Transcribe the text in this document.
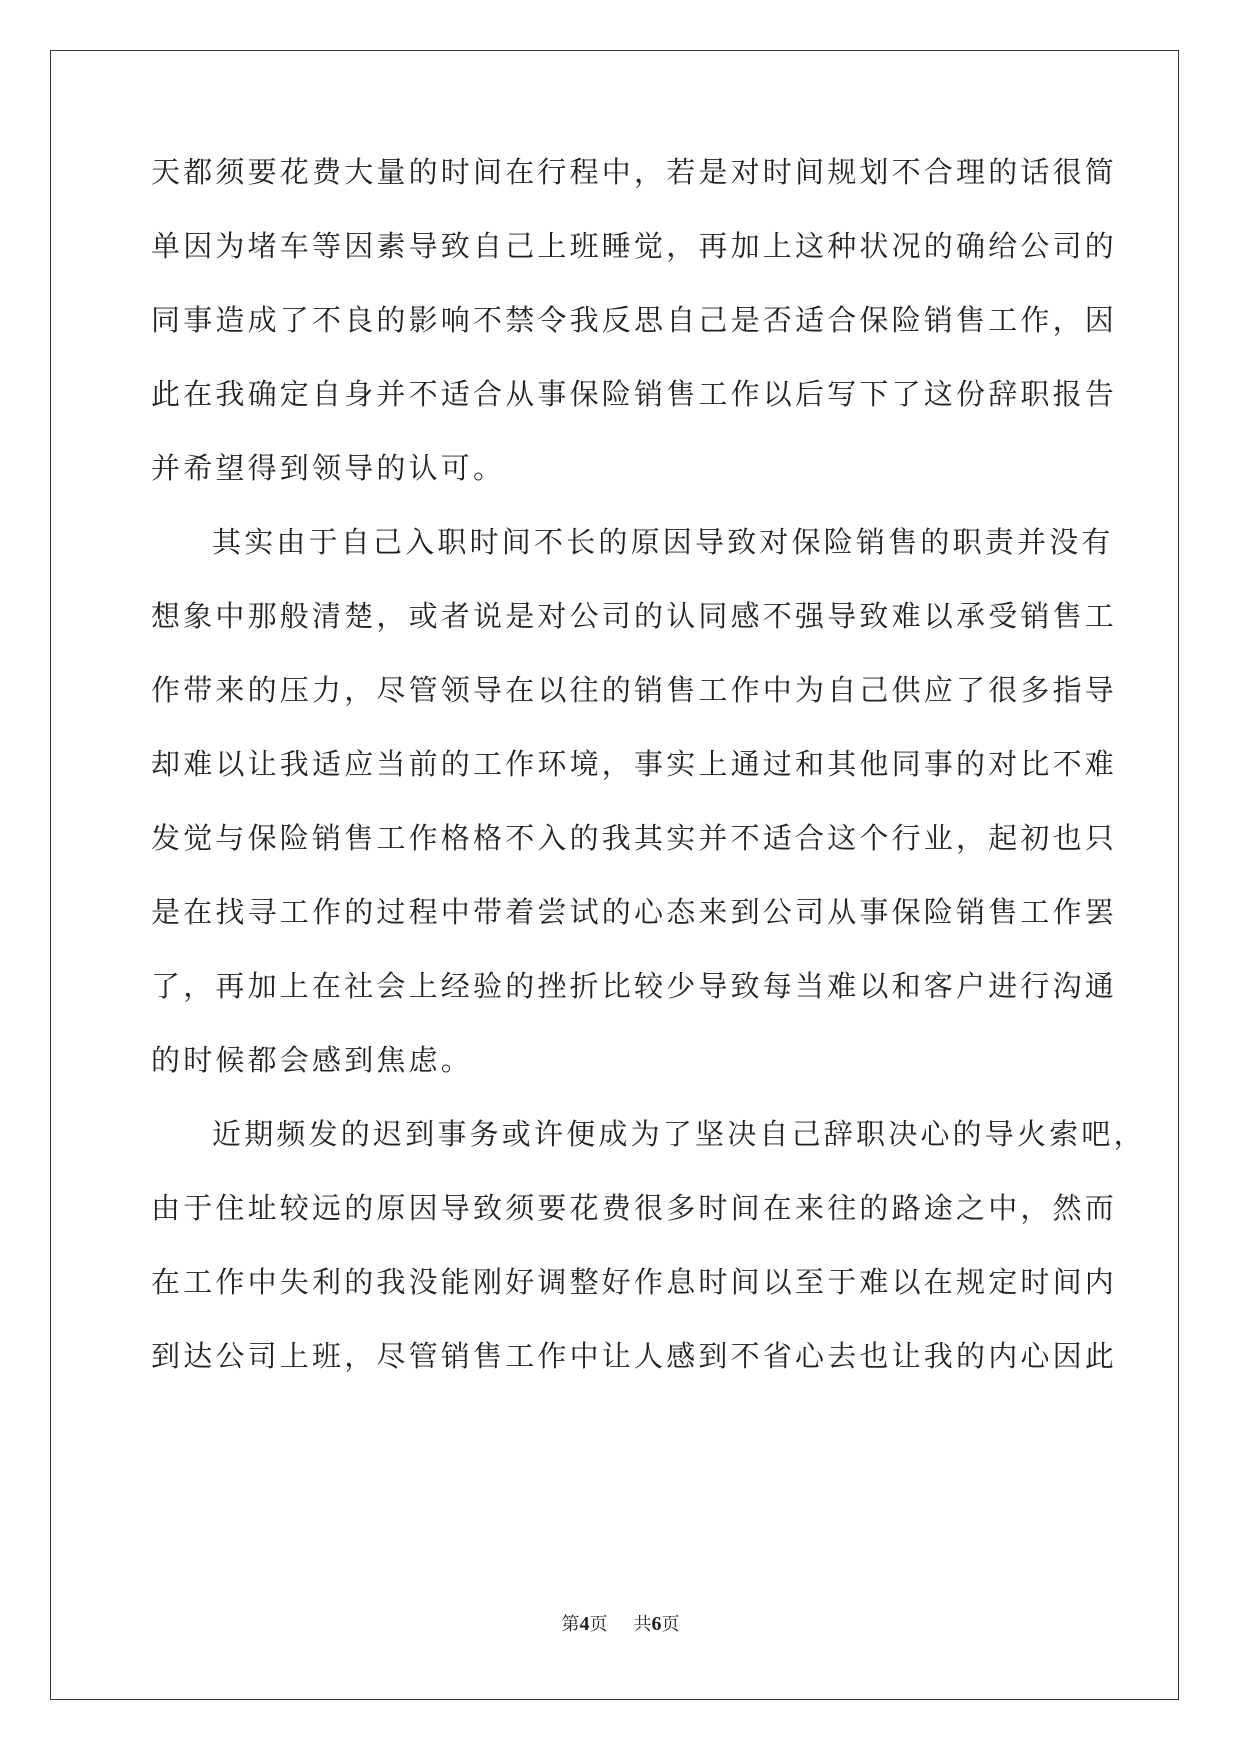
天都须要花费大量的时间在行程中，若是对时间规划不合理的话很简
单因为堵车等因素导致自己上班睡觉，再加上这种状况的确给公司的
同事造成了不良的影响不禁令我反思自己是否适合保险销售工作，因
此在我确定自身并不适合从事保险销售工作以后写下了这份辞职报告
并希望得到领导的认可。
其实由于自己入职时间不长的原因导致对保险销售的职责并没有
想象中那般清楚，或者说是对公司的认同感不强导致难以承受销售工
作带来的压力，尽管领导在以往的销售工作中为自己供应了很多指导
却难以让我适应当前的工作环境，事实上通过和其他同事的对比不难
发觉与保险销售工作格格不入的我其实并不适合这个行业，起初也只
是在找寻工作的过程中带着尝试的心态来到公司从事保险销售工作罢
了，再加上在社会上经验的挫折比较少导致每当难以和客户进行沟通
的时候都会感到焦虑。
近期频发的迟到事务或许便成为了坚决自己辞职决心的导火索吧，
由于住址较远的原因导致须要花费很多时间在来往的路途之中，然而
在工作中失利的我没能刚好调整好作息时间以至于难以在规定时间内
到达公司上班，尽管销售工作中让人感到不省心去也让我的内心因此
第4页 共6页
